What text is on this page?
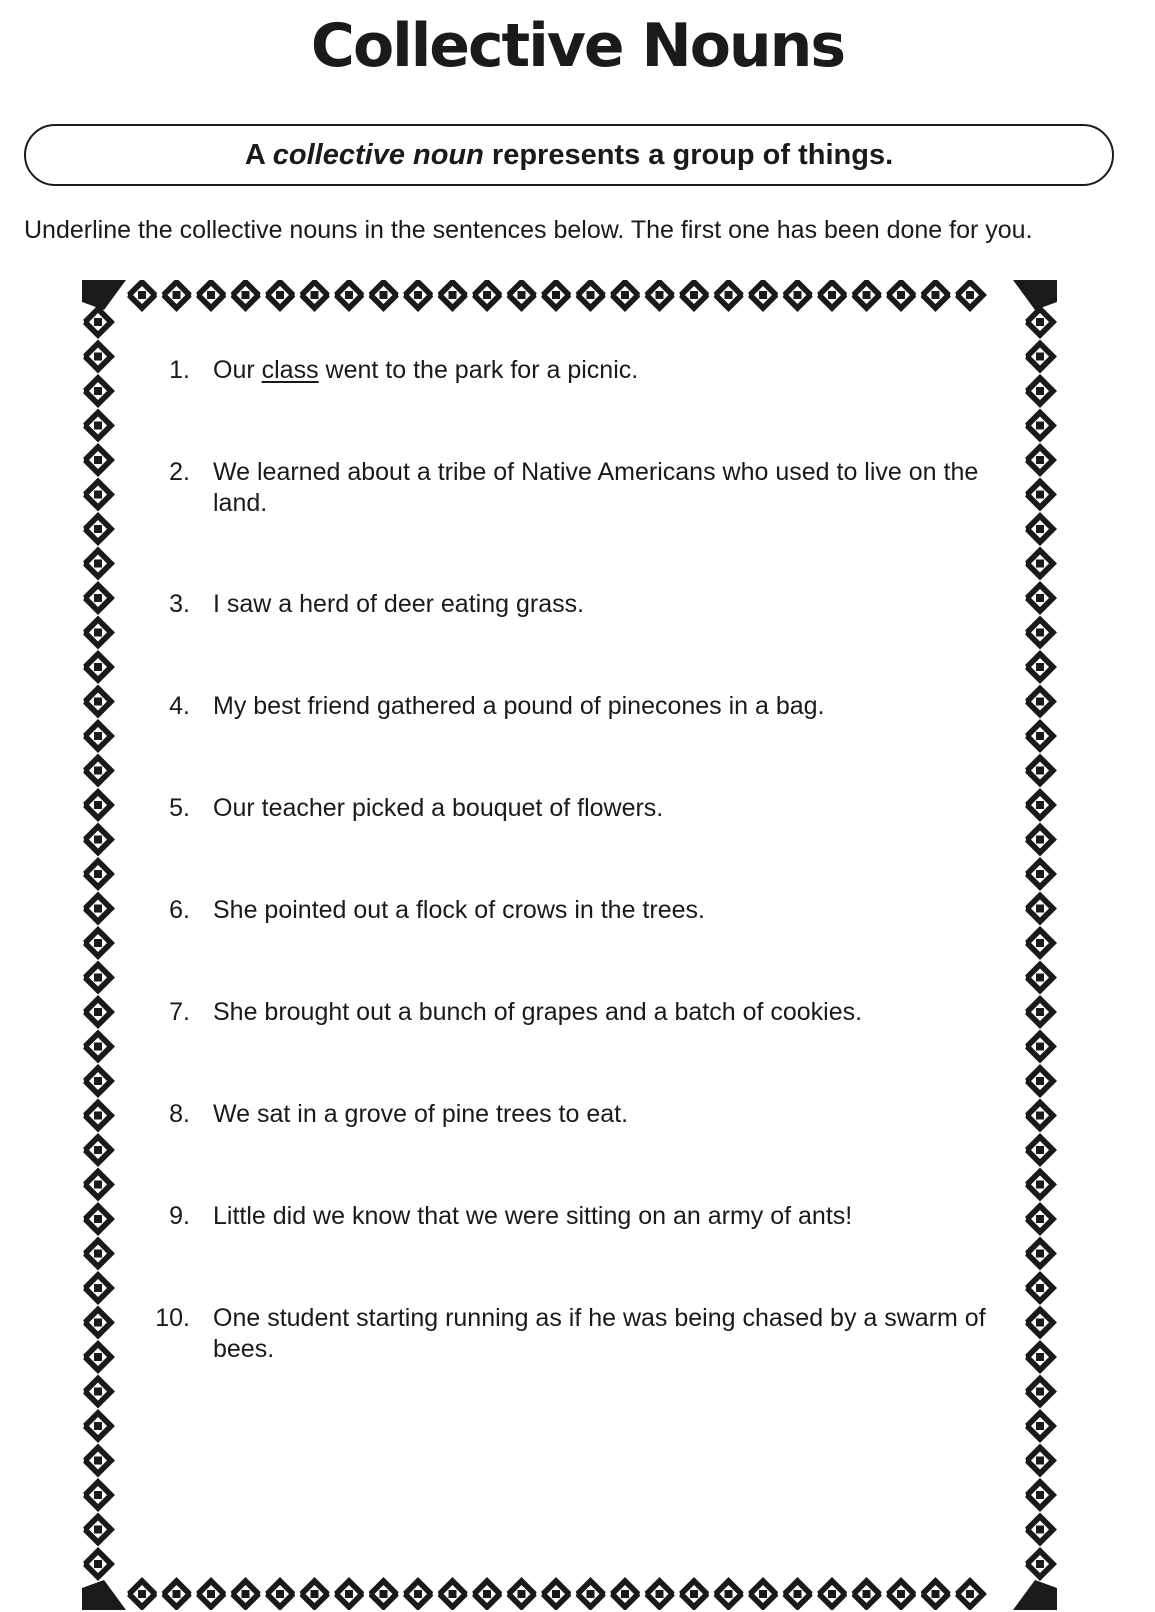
Collective Nouns
A collective noun represents a group of things.
Underline the collective nouns in the sentences below. The first one has been done for you.
1. Our class went to the park for a picnic.
2. We learned about a tribe of Native Americans who used to live on the land.
3. I saw a herd of deer eating grass.
4. My best friend gathered a pound of pinecones in a bag.
5. Our teacher picked a bouquet of flowers.
6. She pointed out a flock of crows in the trees.
7. She brought out a bunch of grapes and a batch of cookies.
8. We sat in a grove of pine trees to eat.
9. Little did we know that we were sitting on an army of ants!
10. One student starting running as if he was being chased by a swarm of bees.
